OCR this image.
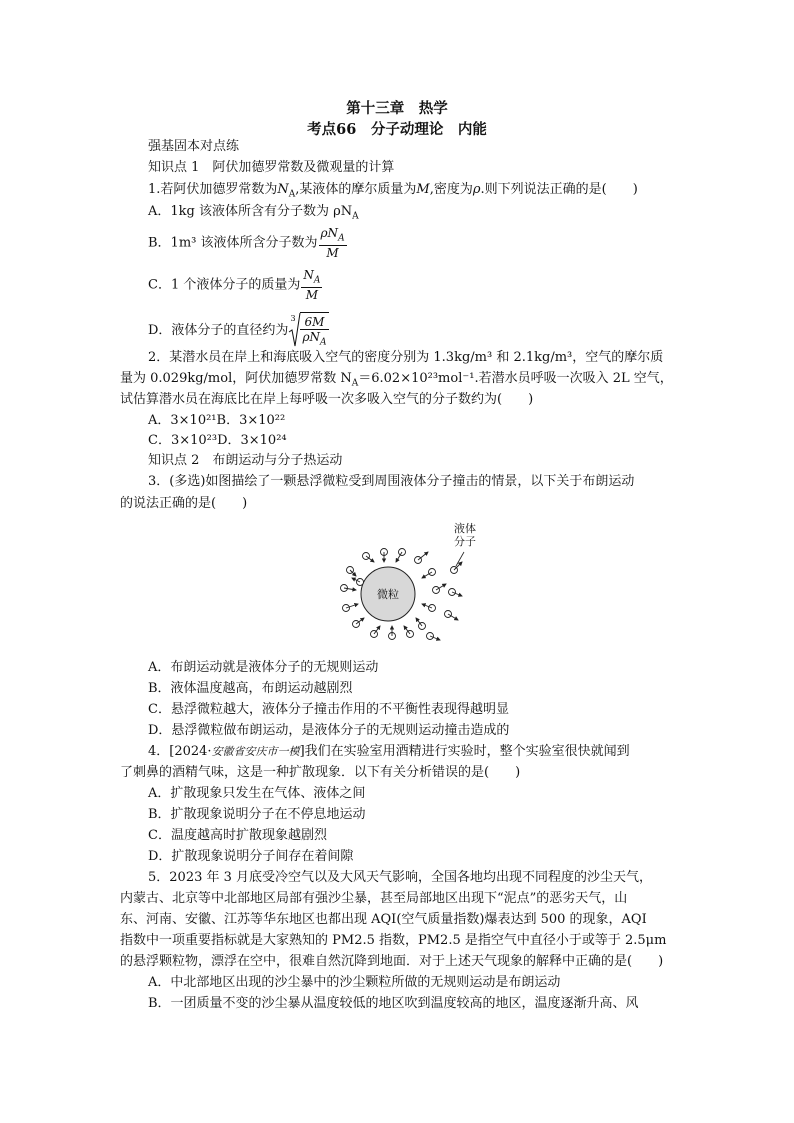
第十三章　热学
考点66　分子动理论　内能
强基固本对点练
知识点 1　阿伏加德罗常数及微观量的计算
1.若阿伏加德罗常数为$N_A$,某液体的摩尔质量为M,密度为ρ.则下列说法正确的是(　　)
A．1kg 该液体所含有分子数为 $\rho N_A$
B．1m³ 该液体所含分子数为 $\frac{\rho N_A}{M}$
C．1 个液体分子的质量为 $\frac{N_A}{M}$
D．液体分子的直径约为
$3 \frac{6M}{\rho N_A}$
2．某潜水员在岸上和海底吸入空气的密度分别为 1.3kg/m³ 和 2.1kg/m³，空气的摩尔质
量为 0.029kg/mol，阿伏加德罗常数 $N_A=6.02\times 10^{23}mol^{-1}$.若潜水员呼吸一次吸入 2L 空气，
试估算潜水员在海底比在岸上每呼吸一次多吸入空气的分子数约为(　　)
A．3×10²¹B．3×10²²
C．3×10²³D．3×10²⁴
知识点 2　布朗运动与分子热运动
3．(多选)如图描绘了一颗悬浮微粒受到周围液体分子撞击的情景，以下关于布朗运动
的说法正确的是(　　)
液体
分子
微粒
A．布朗运动就是液体分子的无规则运动
B．液体温度越高，布朗运动越剧烈
C．悬浮微粒越大，液体分子撞击作用的不平衡性表现得越明显
D．悬浮微粒做布朗运动，是液体分子的无规则运动撞击造成的
4．[2024·安徽省安庆市一模]我们在实验室用酒精进行实验时，整个实验室很快就闻到
了刺鼻的酒精气味，这是一种扩散现象．以下有关分析错误的是(　　)
A．扩散现象只发生在气体、液体之间
B．扩散现象说明分子在不停息地运动
C．温度越高时扩散现象越剧烈
D．扩散现象说明分子间存在着间隙
5．2023 年 3 月底受冷空气以及大风天气影响，全国各地均出现不同程度的沙尘天气，
内蒙古、北京等中北部地区局部有强沙尘暴，甚至局部地区出现下“泥点”的恶劣天气，山
东、河南、安徽、江苏等华东地区也都出现 AQI(空气质量指数)爆表达到 500 的现象，AQI
指数中一项重要指标就是大家熟知的 PM2.5 指数，PM2.5 是指空气中直径小于或等于 2.5μm
的悬浮颗粒物，漂浮在空中，很难自然沉降到地面．对于上述天气现象的解释中正确的是(　　)
A．中北部地区出现的沙尘暴中的沙尘颗粒所做的无规则运动是布朗运动
B．一团质量不变的沙尘暴从温度较低的地区吹到温度较高的地区，温度逐渐升高、风
